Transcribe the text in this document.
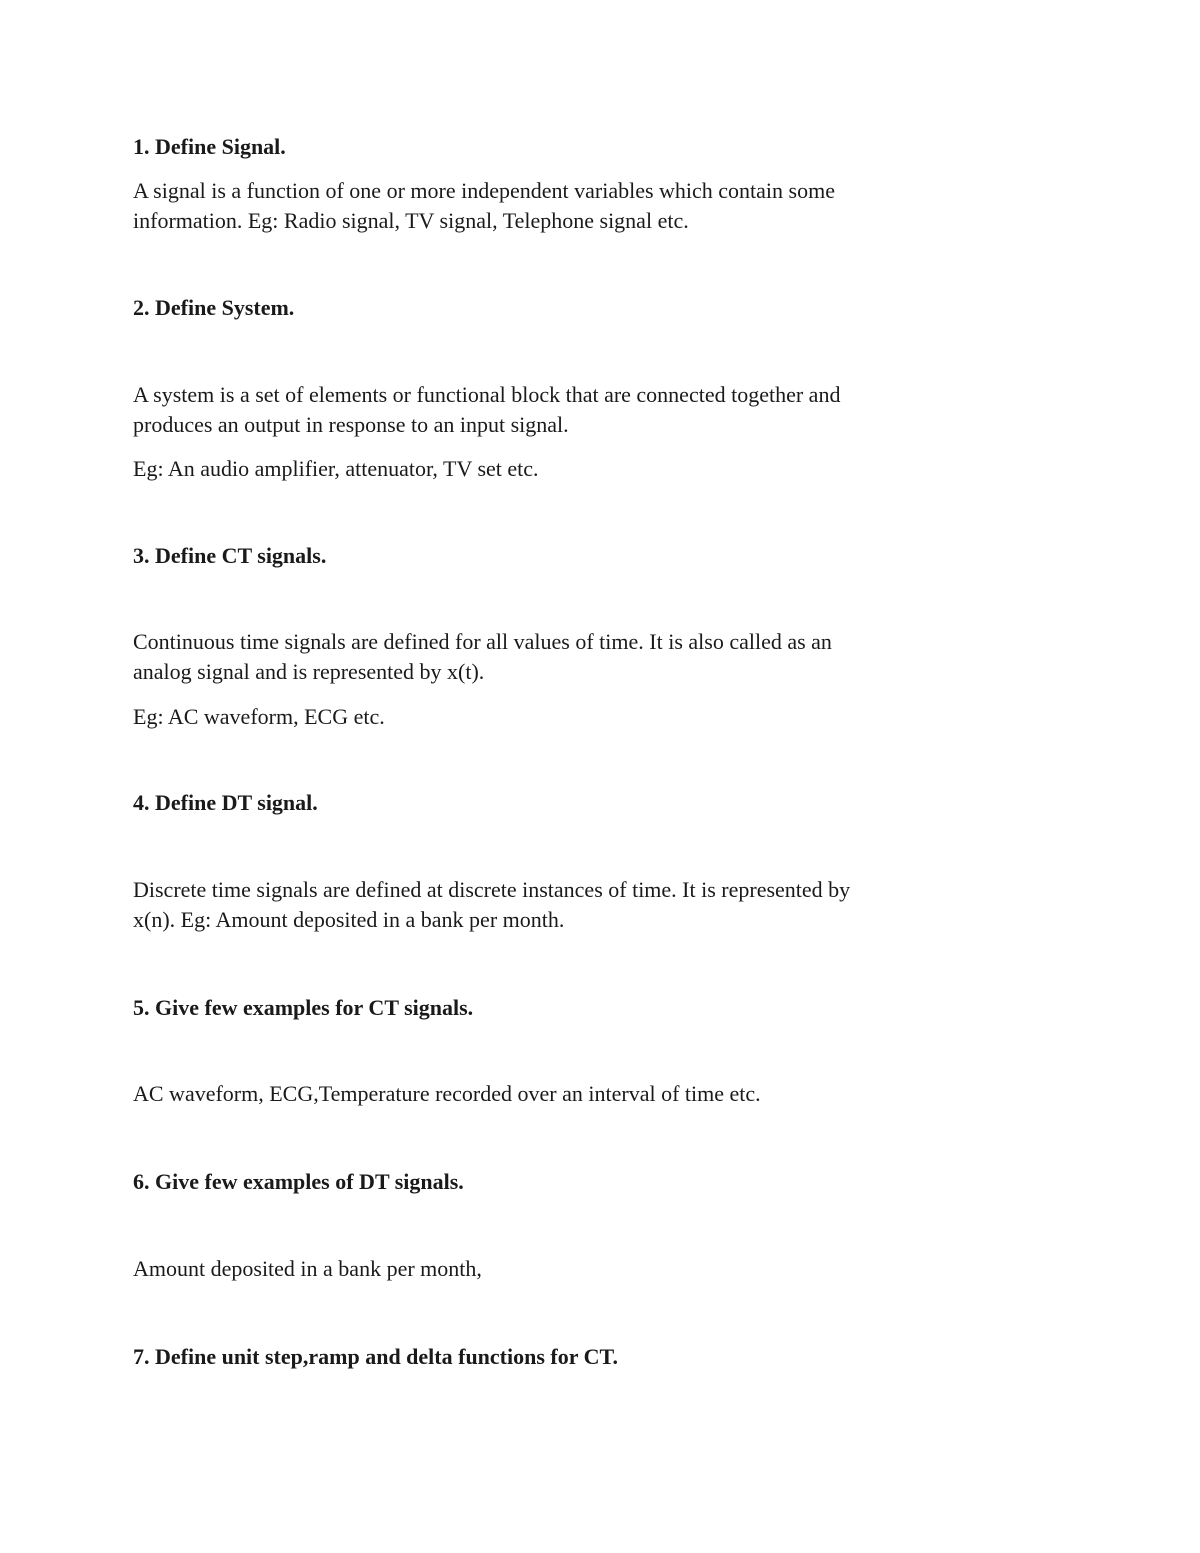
1. Define Signal.
A signal is a function of one or more independent variables which contain some
information. Eg: Radio signal, TV signal, Telephone signal etc.
2. Define System.
A system is a set of elements or functional block that are connected together and
produces an output in response to an input signal.
Eg: An audio amplifier, attenuator, TV set etc.
3. Define CT signals.
Continuous time signals are defined for all values of time. It is also called as an
analog signal and is represented by x(t).
Eg: AC waveform, ECG etc.
4. Define DT signal.
Discrete time signals are defined at discrete instances of time. It is represented by
x(n). Eg: Amount deposited in a bank per month.
5. Give few examples for CT signals.
AC waveform, ECG,Temperature recorded over an interval of time etc.
6. Give few examples of DT signals.
Amount deposited in a bank per month,
7. Define unit step,ramp and delta functions for CT.
